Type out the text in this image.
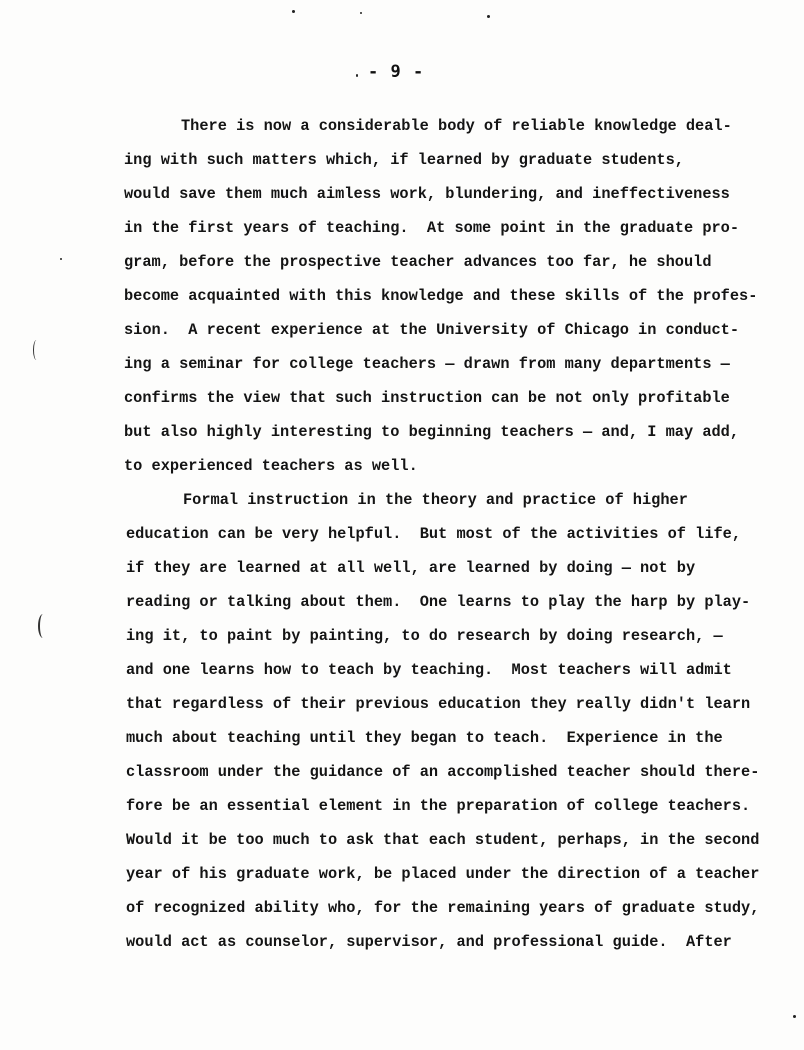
- 9 -
There is now a considerable body of reliable knowledge deal-
ing with such matters which, if learned by graduate students,
would save them much aimless work, blundering, and ineffectiveness
in the first years of teaching.  At some point in the graduate pro-
gram, before the prospective teacher advances too far, he should
become acquainted with this knowledge and these skills of the profes-
sion.  A recent experience at the University of Chicago in conduct-
ing a seminar for college teachers — drawn from many departments —
confirms the view that such instruction can be not only profitable
but also highly interesting to beginning teachers — and, I may add,
to experienced teachers as well.
Formal instruction in the theory and practice of higher
education can be very helpful.  But most of the activities of life,
if they are learned at all well, are learned by doing — not by
reading or talking about them.  One learns to play the harp by play-
ing it, to paint by painting, to do research by doing research, —
and one learns how to teach by teaching.  Most teachers will admit
that regardless of their previous education they really didn't learn
much about teaching until they began to teach.  Experience in the
classroom under the guidance of an accomplished teacher should there-
fore be an essential element in the preparation of college teachers.
Would it be too much to ask that each student, perhaps, in the second
year of his graduate work, be placed under the direction of a teacher
of recognized ability who, for the remaining years of graduate study,
would act as counselor, supervisor, and professional guide.  After
